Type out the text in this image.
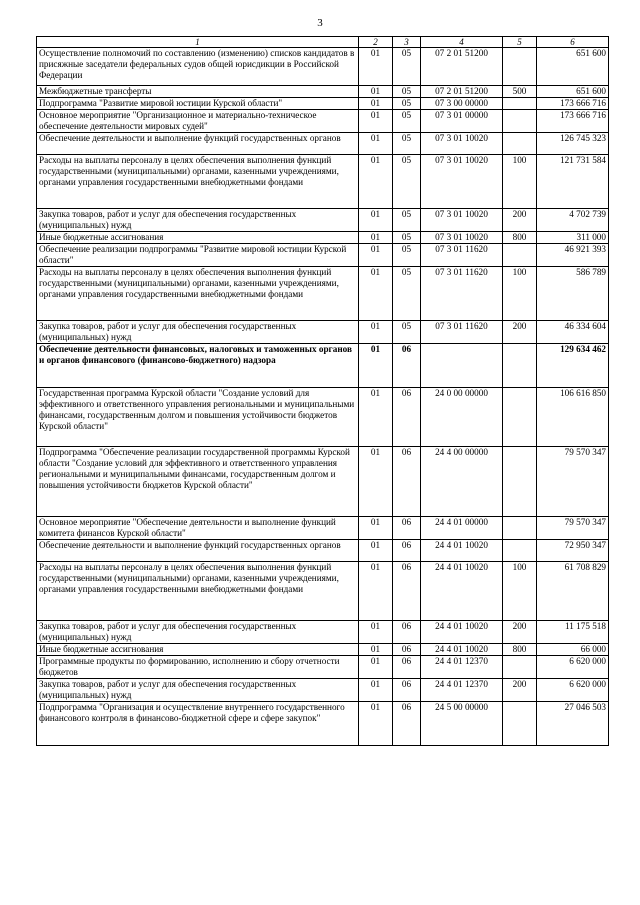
3
1	2	3	4	5	6
Осуществление полномочий по составлению (изменению) списков кандидатов в присяжные заседатели федеральных судов общей юрисдикции в Российской Федерации	01	05	07 2 01 51200		651 600
Межбюджетные трансферты	01	05	07 2 01 51200	500	651 600
Подпрограмма "Развитие мировой юстиции Курской области"	01	05	07 3 00 00000		173 666 716
Основное мероприятие "Организационное и материально-техническое обеспечение деятельности мировых судей"	01	05	07 3 01 00000		173 666 716
Обеспечение деятельности и выполнение функций государственных органов	01	05	07 3 01 10020		126 745 323
Расходы на выплаты персоналу в целях обеспечения выполнения функций государственными (муниципальными) органами, казенными учреждениями, органами управления государственными внебюджетными фондами	01	05	07 3 01 10020	100	121 731 584
Закупка товаров, работ и услуг для обеспечения государственных (муниципальных) нужд	01	05	07 3 01 10020	200	4 702 739
Иные бюджетные ассигнования	01	05	07 3 01 10020	800	311 000
Обеспечение реализации подпрограммы "Развитие мировой юстиции Курской области"	01	05	07 3 01 11620		46 921 393
Расходы на выплаты персоналу в целях обеспечения выполнения функций государственными (муниципальными) органами, казенными учреждениями, органами управления государственными внебюджетными фондами	01	05	07 3 01 11620	100	586 789
Закупка товаров, работ и услуг для обеспечения государственных (муниципальных) нужд	01	05	07 3 01 11620	200	46 334 604
Обеспечение деятельности финансовых, налоговых и таможенных органов и органов финансового (финансово-бюджетного) надзора	01	06			129 634 462
Государственная программа Курской области "Создание условий для эффективного и ответственного управления региональными и муниципальными финансами, государственным долгом и повышения устойчивости бюджетов Курской области"	01	06	24 0 00 00000		106 616 850
Подпрограмма "Обеспечение реализации государственной программы Курской области "Создание условий для эффективного и ответственного управления региональными и муниципальными финансами, государственным долгом и повышения устойчивости бюджетов Курской области"	01	06	24 4 00 00000		79 570 347
Основное мероприятие "Обеспечение деятельности и выполнение функций комитета финансов Курской области"	01	06	24 4 01 00000		79 570 347
Обеспечение деятельности и выполнение функций государственных органов	01	06	24 4 01 10020		72 950 347
Расходы на выплаты персоналу в целях обеспечения выполнения функций государственными (муниципальными) органами, казенными учреждениями, органами управления государственными внебюджетными фондами	01	06	24 4 01 10020	100	61 708 829
Закупка товаров, работ и услуг для обеспечения государственных (муниципальных) нужд	01	06	24 4 01 10020	200	11 175 518
Иные бюджетные ассигнования	01	06	24 4 01 10020	800	66 000
Программные продукты по формированию, исполнению и сбору отчетности бюджетов	01	06	24 4 01 12370		6 620 000
Закупка товаров, работ и услуг для обеспечения государственных (муниципальных) нужд	01	06	24 4 01 12370	200	6 620 000
Подпрограмма "Организация и осуществление внутреннего государственного финансового контроля в финансово-бюджетной сфере и сфере закупок"	01	06	24 5 00 00000		27 046 503
